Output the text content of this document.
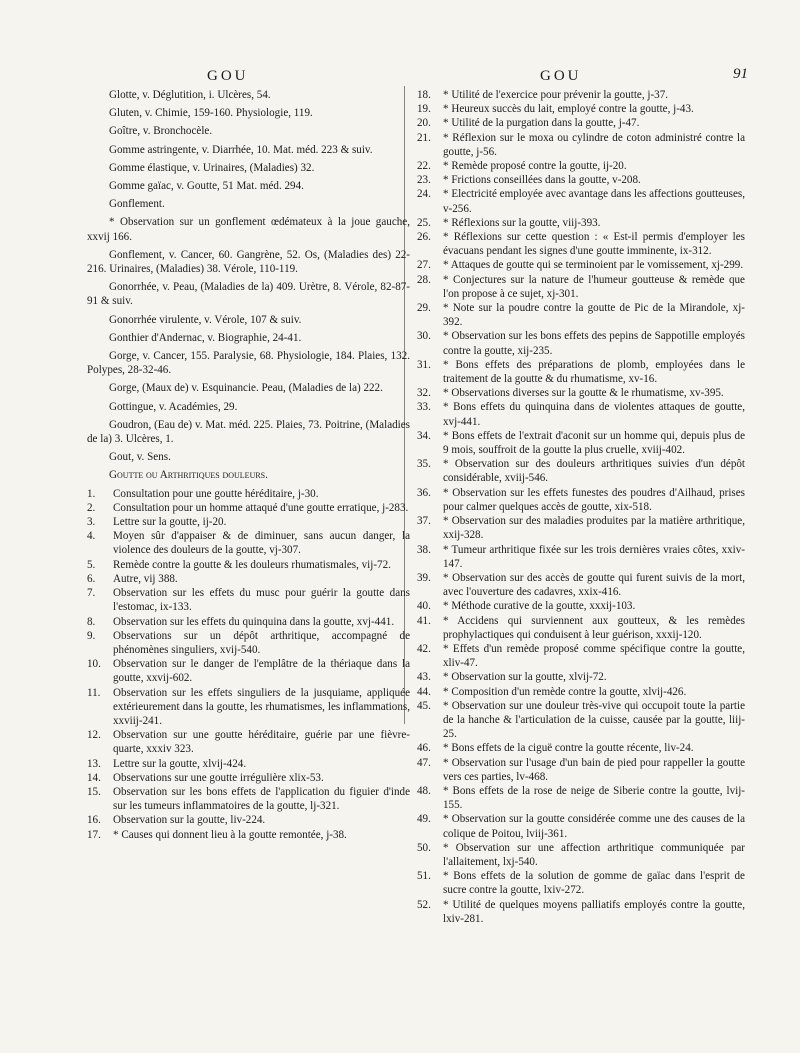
GOU	GOU	91
Glotte, v. Déglutition, i. Ulcères, 54.
Gluten, v. Chimie, 159-160. Physiologie, 119.
Goître, v. Bronchocèle.
Gomme astringente, v. Diarrhée, 10. Mat. méd. 223 & suiv.
Gomme élastique, v. Urinaires, (Maladies) 32.
Gomme gaïac, v. Goutte, 51 Mat. méd. 294.
Gonflement.
* Observation sur un gonflement œdémateux à la joue gauche, xxvij 166.
Gonflement, v. Cancer, 60. Gangrène, 52. Os, (Maladies des) 22-216. Urinaires, (Maladies) 38. Vérole, 110-119.
Gonorrhée, v. Peau, (Maladies de la) 409. Urètre, 8. Vérole, 82-87-91 & suiv.
Gonorrhée virulente, v. Vérole, 107 & suiv.
Gonthier d'Andernac, v. Biographie, 24-41.
Gorge, v. Cancer, 155. Paralysie, 68. Physiologie, 184. Plaies, 132. Polypes, 28-32-46.
Gorge, (Maux de) v. Esquinancie. Peau, (Maladies de la) 222.
Gottingue, v. Académies, 29.
Goudron, (Eau de) v. Mat. méd. 225. Plaies, 73. Poitrine, (Maladies de la) 3. Ulcères, 1.
Gout, v. Sens.
Goutte ou Arthritiques douleurs.
1.	Consultation pour une goutte héréditaire, j-30.
2.	Consultation pour un homme attaqué d'une goutte erratique, j-283.
3.	Lettre sur la goutte, ij-20.
4.	Moyen sûr d'appaiser & de diminuer, sans aucun danger, la violence des douleurs de la goutte, vj-307.
5.	Remède contre la goutte & les douleurs rhumatismales, vij-72.
6.	Autre, vij 388.
7.	Observation sur les effets du musc pour guérir la goutte dans l'estomac, ix-133.
8.	Observation sur les effets du quinquina dans la goutte, xvj-441.
9.	Observations sur un dépôt arthritique, accompagné de phénomènes singuliers, xvij-540.
10.	Observation sur le danger de l'emplâtre de la thériaque dans la goutte, xxvij-602.
11.	Observation sur les effets singuliers de la jusquiame, appliquée extérieurement dans la goutte, les rhumatismes, les inflammations, xxviij-241.
12.	Observation sur une goutte héréditaire, guérie par une fièvre-quarte, xxxiv 323.
13.	Lettre sur la goutte, xlvij-424.
14.	Observations sur une goutte irrégulière xlix-53.
15.	Observation sur les bons effets de l'application du figuier d'inde sur les tumeurs inflammatoires de la goutte, lj-321.
16.	Observation sur la goutte, liv-224.
17.	* Causes qui donnent lieu à la goutte remontée, j-38.
18.	* Utilité de l'exercice pour prévenir la goutte, j-37.
19.	* Heureux succès du lait, employé contre la goutte, j-43.
20.	* Utilité de la purgation dans la goutte, j-47.
21.	* Réflexion sur le moxa ou cylindre de coton administré contre la goutte, j-56.
22.	* Remède proposé contre la goutte, ij-20.
23.	* Frictions conseillées dans la goutte, v-208.
24.	* Electricité employée avec avantage dans les affections goutteuses, v-256.
25.	* Réflexions sur la goutte, viij-393.
26.	* Réflexions sur cette question : « Est-il permis d'employer les évacuans pendant les signes d'une goutte imminente, ix-312.
27.	* Attaques de goutte qui se terminoient par le vomissement, xj-299.
28.	* Conjectures sur la nature de l'humeur goutteuse & remède que l'on propose à ce sujet, xj-301.
29.	* Note sur la poudre contre la goutte de Pic de la Mirandole, xj-392.
30.	* Observation sur les bons effets des pepins de Sappotille employés contre la goutte, xij-235.
31.	* Bons effets des préparations de plomb, employées dans le traitement de la goutte & du rhumatisme, xv-16.
32.	* Observations diverses sur la goutte & le rhumatisme, xv-395.
33.	* Bons effets du quinquina dans de violentes attaques de goutte, xvj-441.
34.	* Bons effets de l'extrait d'aconit sur un homme qui, depuis plus de 9 mois, souffroit de la goutte la plus cruelle, xviij-402.
35.	* Observation sur des douleurs arthritiques suivies d'un dépôt considérable, xviij-546.
36.	* Observation sur les effets funestes des poudres d'Ailhaud, prises pour calmer quelques accès de goutte, xix-518.
37.	* Observation sur des maladies produites par la matière arthritique, xxij-328.
38.	* Tumeur arthritique fixée sur les trois dernières vraies côtes, xxiv-147.
39.	* Observation sur des accès de goutte qui furent suivis de la mort, avec l'ouverture des cadavres, xxix-416.
40.	* Méthode curative de la goutte, xxxij-103.
41.	* Accidens qui surviennent aux goutteux, & les remèdes prophylactiques qui conduisent à leur guérison, xxxij-120.
42.	* Effets d'un remède proposé comme spécifique contre la goutte, xliv-47.
43.	* Observation sur la goutte, xlvij-72.
44.	* Composition d'un remède contre la goutte, xlvij-426.
45.	* Observation sur une douleur très-vive qui occupoit toute la partie de la hanche & l'articulation de la cuisse, causée par la goutte, liij-25.
46.	* Bons effets de la ciguë contre la goutte récente, liv-24.
47.	* Observation sur l'usage d'un bain de pied pour rappeller la goutte vers ces parties, lv-468.
48.	* Bons effets de la rose de neige de Siberie contre la goutte, lvij-155.
49.	* Observation sur la goutte considérée comme une des causes de la colique de Poitou, lviij-361.
50.	* Observation sur une affection arthritique communiquée par l'allaitement, lxj-540.
51.	* Bons effets de la solution de gomme de gaïac dans l'esprit de sucre contre la goutte, lxiv-272.
52.	* Utilité de quelques moyens palliatifs employés contre la goutte, lxiv-281.
